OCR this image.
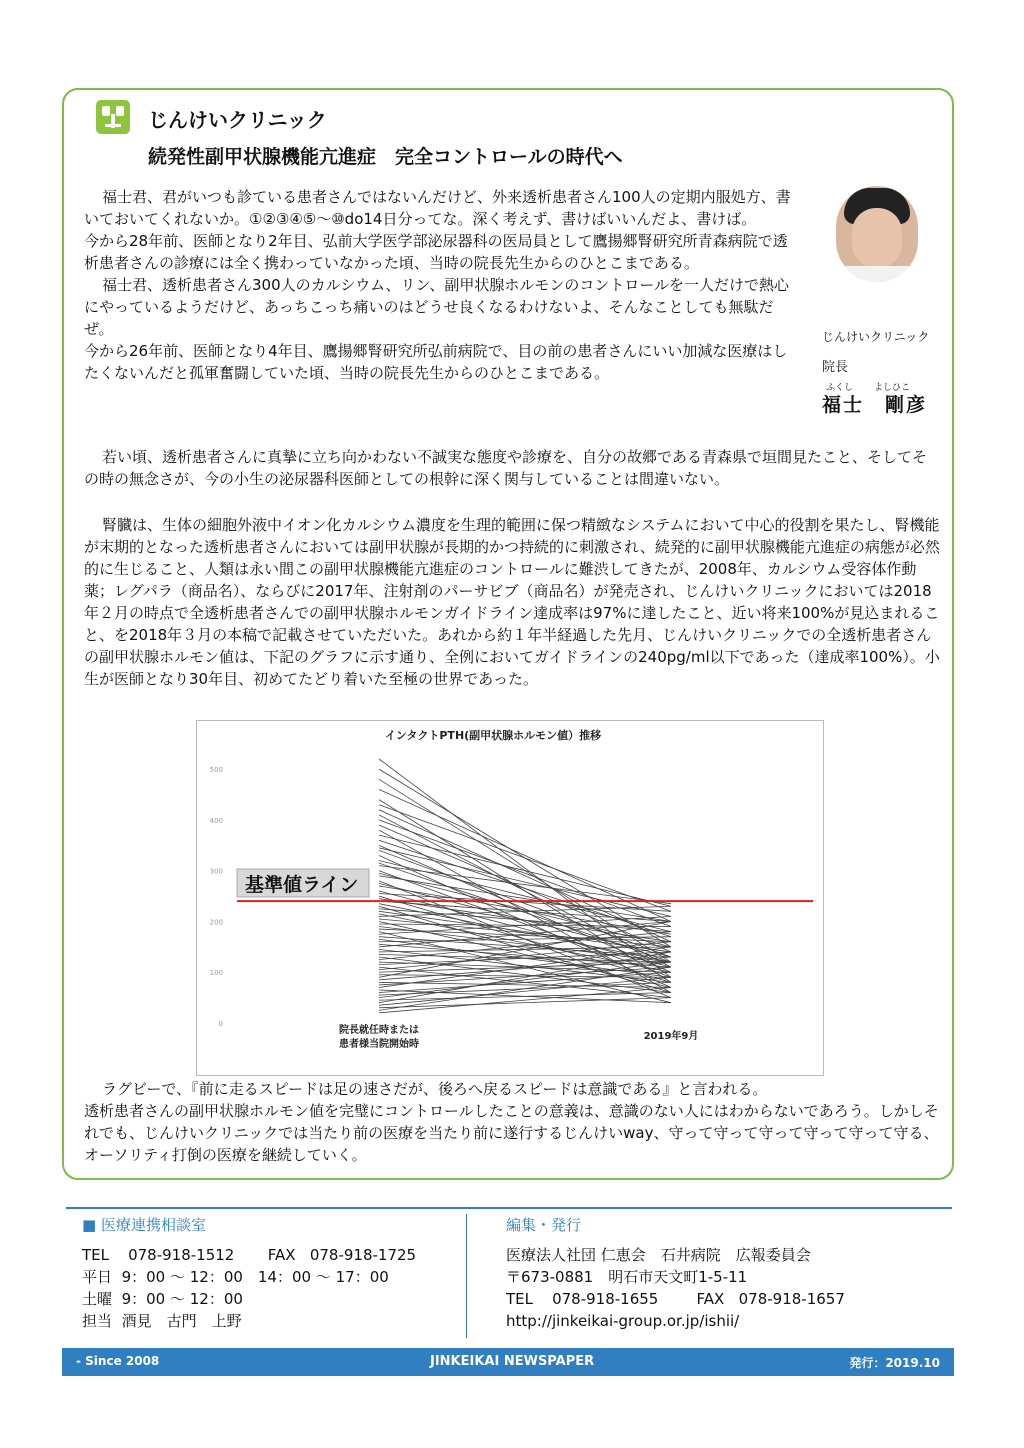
じんけいクリニック
続発性副甲状腺機能亢進症　完全コントロールの時代へ

福士君、君がいつも診ている患者さんではないんだけど、外来透析患者さん100人の定期内服処方、書いておいてくれないか。①②③④⑤～⑩do14日分ってな。深く考えず、書けばいいんだよ、書けば。

今から28年前、医師となり2年目、弘前大学医学部泌尿器科の医局員として鷹揚郷腎研究所青森病院で透析患者さんの診療には全く携わっていなかった頃、当時の院長先生からのひとこまである。

福士君、透析患者さん300人のカルシウム、リン、副甲状腺ホルモンのコントロールを一人だけで熱心にやっているようだけど、あっちこっち痛いのはどうせ良くなるわけないよ、そんなことしても無駄だぜ。

今から26年前、医師となり4年目、鷹揚郷腎研究所弘前病院で、目の前の患者さんにいい加減な医療はしたくないんだと孤軍奮闘していた頃、当時の院長先生からのひとこまである。

じんけいクリニック
院長
ふくし よしひこ
福士　剛彦

若い頃、透析患者さんに真摯に立ち向かわない不誠実な態度や診療を、自分の故郷である青森県で垣間見たこと、そしてその時の無念さが、今の小生の泌尿器科医師としての根幹に深く関与していることは間違いない。

腎臓は、生体の細胞外液中イオン化カルシウム濃度を生理的範囲に保つ精緻なシステムにおいて中心的役割を果たし、腎機能が末期的となった透析患者さんにおいては副甲状腺が長期的かつ持続的に刺激され、続発的に副甲状腺機能亢進症の病態が必然的に生じること、人類は永い間この副甲状腺機能亢進症のコントロールに難渋してきたが、2008年、カルシウム受容体作動薬；レグパラ（商品名）、ならびに2017年、注射剤のパーサビブ（商品名）が発売され、じんけいクリニックにおいては2018年２月の時点で全透析患者さんでの副甲状腺ホルモンガイドライン達成率は97%に達したこと、近い将来100%が見込まれること、を2018年３月の本稿で記載させていただいた。あれから約１年半経過した先月、じんけいクリニックでの全透析患者さんの副甲状腺ホルモン値は、下記のグラフに示す通り、全例においてガイドラインの240pg/ml以下であった（達成率100%）。小生が医師となり30年目、初めてたどり着いた至極の世界であった。

インタクトPTH(副甲状腺ホルモン値）推移
0
100
200
300
400
500
基準値ライン
院長就任時または
患者様当院開始時
2019年9月

ラグビーで、『前に走るスピードは足の速さだが、後ろへ戻るスピードは意識である』と言われる。

透析患者さんの副甲状腺ホルモン値を完璧にコントロールしたことの意義は、意識のない人にはわからないであろう。しかしそれでも、じんけいクリニックでは当たり前の医療を当たり前に遂行するじんけいway、守って守って守って守って守って守る、オーソリティ打倒の医療を継続していく。

■ 医療連携相談室
TEL 078-918-1512 FAX 078-918-1725
平日 9：00 ～ 12：00　14：00 ～ 17：00
土曜 9：00 ～ 12：00
担当 酒見　古門　上野
編集・発行
医療法人社団 仁恵会　石井病院　広報委員会
〒673-0881　明石市天文町1-5-11
TEL 078-918-1655	FAX 078-918-1657
http://jinkeikai-group.or.jp/ishii/
- Since 2008	JINKEIKAI NEWSPAPER	発行：2019.10
